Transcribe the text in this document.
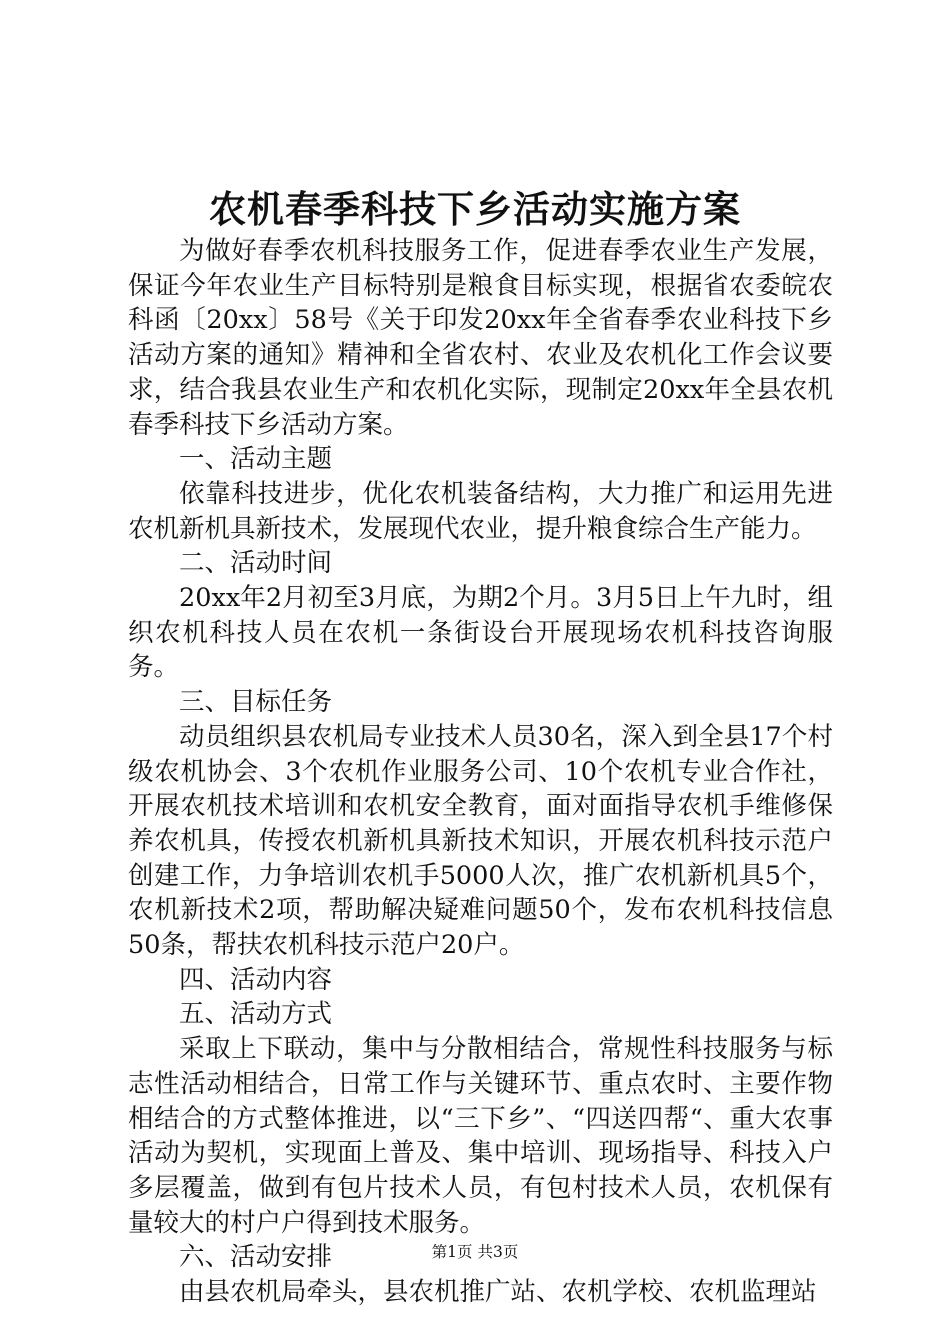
农机春季科技下乡活动实施方案

为做好春季农机科技服务工作，促进春季农业生产发展，保证今年农业生产目标特别是粮食目标实现，根据省农委皖农科函〔20xx〕58号《关于印发20xx年全省春季农业科技下乡活动方案的通知》精神和全省农村、农业及农机化工作会议要求，结合我县农业生产和农机化实际，现制定20xx年全县农机春季科技下乡活动方案。

一、活动主题

依靠科技进步，优化农机装备结构，大力推广和运用先进农机新机具新技术，发展现代农业，提升粮食综合生产能力。

二、活动时间

20xx年2月初至3月底，为期2个月。3月5日上午九时，组织农机科技人员在农机一条街设台开展现场农机科技咨询服务。

三、目标任务

动员组织县农机局专业技术人员30名，深入到全县17个村级农机协会、3个农机作业服务公司、10个农机专业合作社，开展农机技术培训和农机安全教育，面对面指导农机手维修保养农机具，传授农机新机具新技术知识，开展农机科技示范户创建工作，力争培训农机手5000人次，推广农机新机具5个，农机新技术2项，帮助解决疑难问题50个，发布农机科技信息50条，帮扶农机科技示范户20户。

四、活动内容
五、活动方式

采取上下联动，集中与分散相结合，常规性科技服务与标志性活动相结合，日常工作与关键环节、重点农时、主要作物相结合的方式整体推进，以“三下乡”、“四送四帮“、重大农事活动为契机，实现面上普及、集中培训、现场指导、科技入户多层覆盖，做到有包片技术人员，有包村技术人员，农机保有量较大的村户户得到技术服务。

六、活动安排

由县农机局牵头，县农机推广站、农机学校、农机监理站

第1页 共3页
